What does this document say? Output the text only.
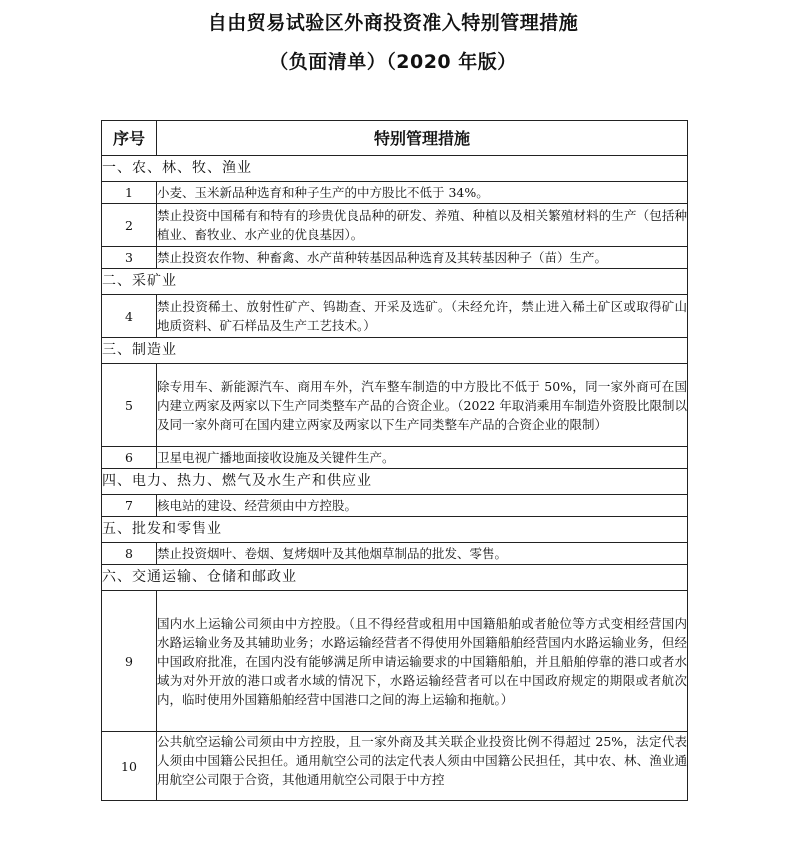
自由贸易试验区外商投资准入特别管理措施
（负面清单）（2020 年版）
序号	特别管理措施
一、农、林、牧、渔业	
1	小麦、玉米新品种选育和种子生产的中方股比不低于 34%。
2	禁止投资中国稀有和特有的珍贵优良品种的研发、养殖、种植以及相关繁殖材料的生产（包括种植业、畜牧业、水产业的优良基因）。
3	禁止投资农作物、种畜禽、水产苗种转基因品种选育及其转基因种子（苗）生产。
二、采矿业	
4	禁止投资稀土、放射性矿产、钨勘查、开采及选矿。（未经允许，禁止进入稀土矿区或取得矿山地质资料、矿石样品及生产工艺技术。）
三、制造业	
5	除专用车、新能源汽车、商用车外，汽车整车制造的中方股比不低于 50%，同一家外商可在国内建立两家及两家以下生产同类整车产品的合资企业。（2022 年取消乘用车制造外资股比限制以及同一家外商可在国内建立两家及两家以下生产同类整车产品的合资企业的限制）
6	卫星电视广播地面接收设施及关键件生产。
四、电力、热力、燃气及水生产和供应业	
7	核电站的建设、经营须由中方控股。
五、批发和零售业	
8	禁止投资烟叶、卷烟、复烤烟叶及其他烟草制品的批发、零售。
六、交通运输、仓储和邮政业	
9	国内水上运输公司须由中方控股。（且不得经营或租用中国籍船舶或者舱位等方式变相经营国内水路运输业务及其辅助业务；水路运输经营者不得使用外国籍船舶经营国内水路运输业务，但经中国政府批准，在国内没有能够满足所申请运输要求的中国籍船舶，并且船舶停靠的港口或者水域为对外开放的港口或者水域的情况下，水路运输经营者可以在中国政府规定的期限或者航次内，临时使用外国籍船舶经营中国港口之间的海上运输和拖航。）
10	公共航空运输公司须由中方控股，且一家外商及其关联企业投资比例不得超过 25%，法定代表人须由中国籍公民担任。通用航空公司的法定代表人须由中国籍公民担任，其中农、林、渔业通用航空公司限于合资，其他通用航空公司限于中方控
